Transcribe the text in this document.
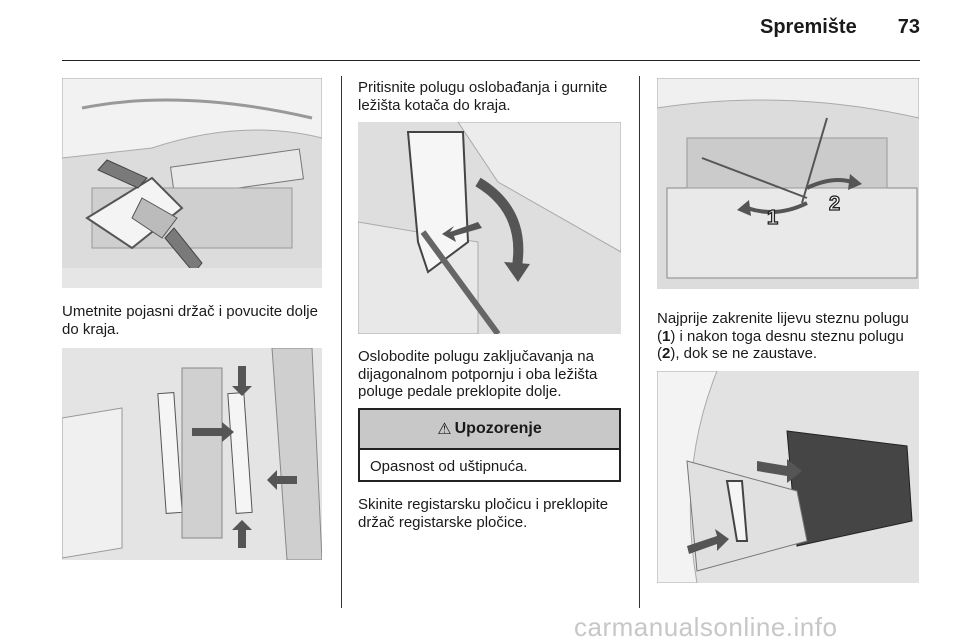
Spremište	73
Umetnite pojasni držač i povucite dolje do kraja.
Pritisnite polugu oslobađanja i gurnite ležišta kotača do kraja.
Oslobodite polugu zaključavanja na dijagonalnom potpornju i oba ležišta poluge pedale preklopite dolje.
⚠ Upozorenje
Opasnost od uštipnuća.
Skinite registarsku pločicu i preklopite držač registarske pločice.
1
2
Najprije zakrenite lijevu steznu polugu (1) i nakon toga desnu steznu polugu (2), dok se ne zaustave.
carmanualsonline.info
